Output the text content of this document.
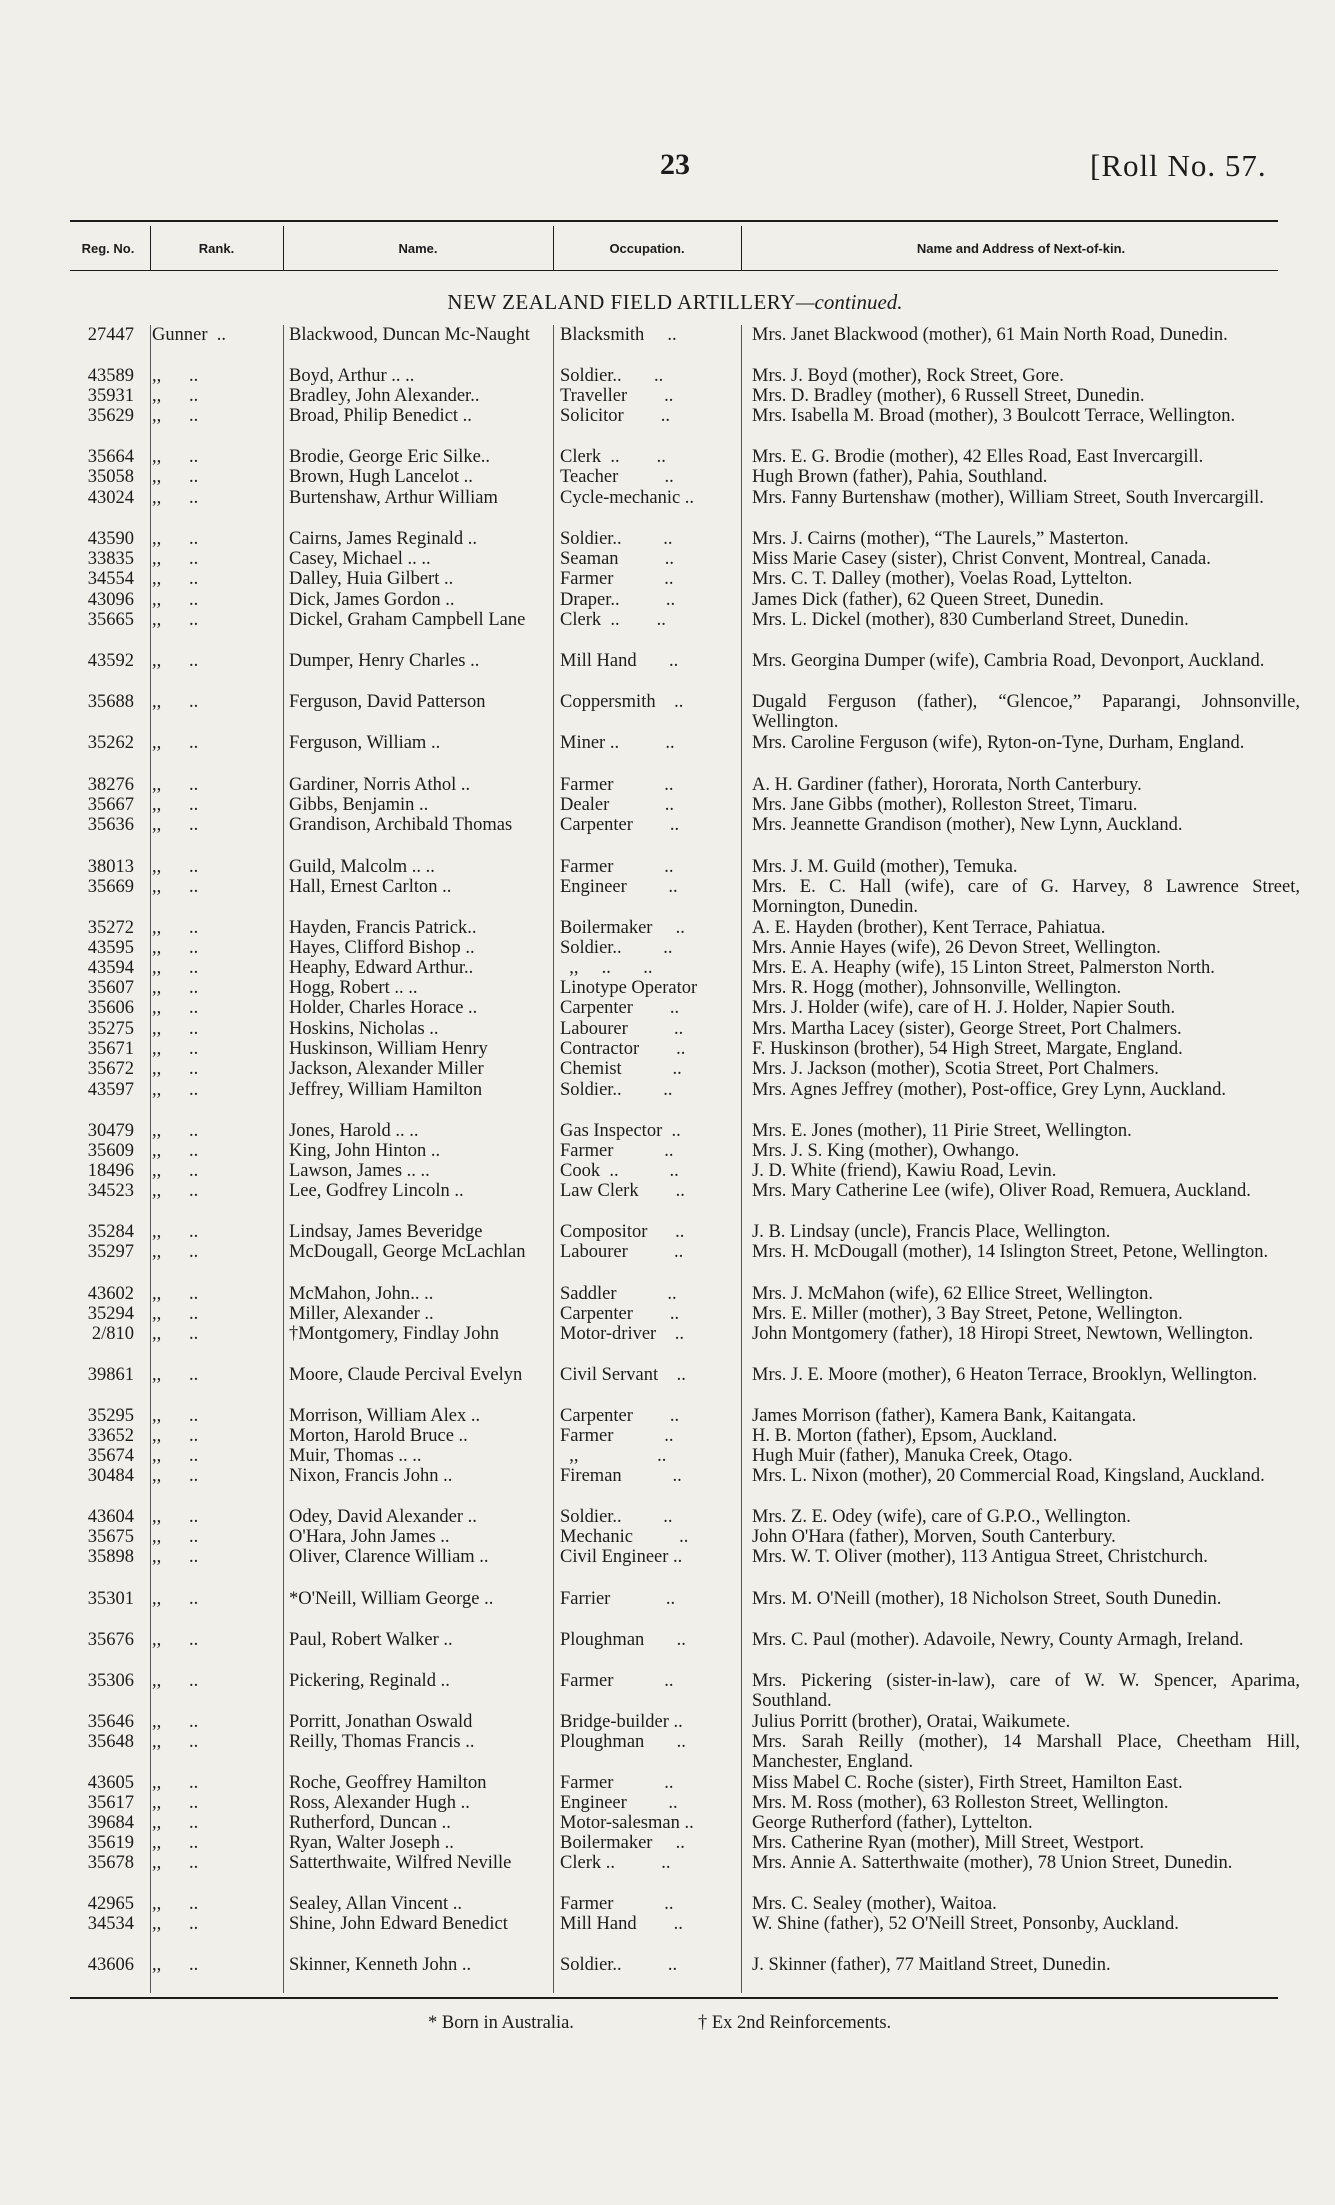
23	[Roll No. 57.
Reg. No.	Rank.	Name.	Occupation.	Name and Address of Next-of-kin.
NEW ZEALAND FIELD ARTILLERY—continued.
27447 Gunner  ..	Blackwood, Duncan Mc-Naught	Blacksmith     ..	Mrs. Janet Blackwood (mother), 61 Main North Road, Dunedin.
43589 ,,      ..	Boyd, Arthur .. ..	Soldier..       ..	Mrs. J. Boyd (mother), Rock Street, Gore.
35931 ,,      ..	Bradley, John Alexander..	Traveller        ..	Mrs. D. Bradley (mother), 6 Russell Street, Dunedin.
35629 ,,      ..	Broad, Philip Benedict ..	Solicitor        ..	Mrs. Isabella M. Broad (mother), 3 Boulcott Terrace, Wellington.
35664 ,,      ..	Brodie, George Eric Silke..	Clerk  ..        ..	Mrs. E. G. Brodie (mother), 42 Elles Road, East Invercargill.
35058 ,,      ..	Brown, Hugh Lancelot ..	Teacher          ..	Hugh Brown (father), Pahia, Southland.
43024 ,,      ..	Burtenshaw, Arthur William	Cycle-mechanic ..	Mrs. Fanny Burtenshaw (mother), William Street, South Invercargill.
43590 ,,      ..	Cairns, James Reginald ..	Soldier..         ..	Mrs. J. Cairns (mother), “The Laurels,” Masterton.
33835 ,,      ..	Casey, Michael .. ..	Seaman          ..	Miss Marie Casey (sister), Christ Convent, Montreal, Canada.
34554 ,,      ..	Dalley, Huia Gilbert ..	Farmer           ..	Mrs. C. T. Dalley (mother), Voelas Road, Lyttelton.
43096 ,,      ..	Dick, James Gordon ..	Draper..          ..	James Dick (father), 62 Queen Street, Dunedin.
35665 ,,      ..	Dickel, Graham Campbell Lane	Clerk  ..        ..	Mrs. L. Dickel (mother), 830 Cumberland Street, Dunedin.
43592 ,,      ..	Dumper, Henry Charles ..	Mill Hand       ..	Mrs. Georgina Dumper (wife), Cambria Road, Devonport, Auckland.
35688 ,,      ..	Ferguson, David Patterson	Coppersmith    ..	Dugald Ferguson (father), “Glencoe,” Paparangi, Johnsonville, Wellington.
35262 ,,      ..	Ferguson, William ..	Miner ..          ..	Mrs. Caroline Ferguson (wife), Ryton-on-Tyne, Durham, England.
38276 ,,      ..	Gardiner, Norris Athol ..	Farmer           ..	A. H. Gardiner (father), Hororata, North Canterbury.
35667 ,,      ..	Gibbs, Benjamin ..	Dealer            ..	Mrs. Jane Gibbs (mother), Rolleston Street, Timaru.
35636 ,,      ..	Grandison, Archibald Thomas	Carpenter        ..	Mrs. Jeannette Grandison (mother), New Lynn, Auckland.
38013 ,,      ..	Guild, Malcolm .. ..	Farmer           ..	Mrs. J. M. Guild (mother), Temuka.
35669 ,,      ..	Hall, Ernest Carlton ..	Engineer         ..	Mrs. E. C. Hall (wife), care of G. Harvey, 8 Lawrence Street, Mornington, Dunedin.
35272 ,,      ..	Hayden, Francis Patrick..	Boilermaker     ..	A. E. Hayden (brother), Kent Terrace, Pahiatua.
43595 ,,      ..	Hayes, Clifford Bishop ..	Soldier..         ..	Mrs. Annie Hayes (wife), 26 Devon Street, Wellington.
43594 ,,      ..	Heaphy, Edward Arthur..	,,     ..       ..	Mrs. E. A. Heaphy (wife), 15 Linton Street, Palmerston North.
35607 ,,      ..	Hogg, Robert .. ..	Linotype Operator	Mrs. R. Hogg (mother), Johnsonville, Wellington.
35606 ,,      ..	Holder, Charles Horace ..	Carpenter        ..	Mrs. J. Holder (wife), care of H. J. Holder, Napier South.
35275 ,,      ..	Hoskins, Nicholas ..	Labourer          ..	Mrs. Martha Lacey (sister), George Street, Port Chalmers.
35671 ,,      ..	Huskinson, William Henry	Contractor        ..	F. Huskinson (brother), 54 High Street, Margate, England.
35672 ,,      ..	Jackson, Alexander Miller	Chemist           ..	Mrs. J. Jackson (mother), Scotia Street, Port Chalmers.
43597 ,,      ..	Jeffrey, William Hamilton	Soldier..         ..	Mrs. Agnes Jeffrey (mother), Post-office, Grey Lynn, Auckland.
30479 ,,      ..	Jones, Harold .. ..	Gas Inspector  ..	Mrs. E. Jones (mother), 11 Pirie Street, Wellington.
35609 ,,      ..	King, John Hinton ..	Farmer           ..	Mrs. J. S. King (mother), Owhango.
18496 ,,      ..	Lawson, James .. ..	Cook  ..           ..	J. D. White (friend), Kawiu Road, Levin.
34523 ,,      ..	Lee, Godfrey Lincoln ..	Law Clerk        ..	Mrs. Mary Catherine Lee (wife), Oliver Road, Remuera, Auckland.
35284 ,,      ..	Lindsay, James Beveridge	Compositor      ..	J. B. Lindsay (uncle), Francis Place, Wellington.
35297 ,,      ..	McDougall, George McLachlan	Labourer          ..	Mrs. H. McDougall (mother), 14 Islington Street, Petone, Wellington.
43602 ,,      ..	McMahon, John.. ..	Saddler           ..	Mrs. J. McMahon (wife), 62 Ellice Street, Wellington.
35294 ,,      ..	Miller, Alexander ..	Carpenter        ..	Mrs. E. Miller (mother), 3 Bay Street, Petone, Wellington.
2/810 ,,      ..	†Montgomery, Findlay John	Motor-driver    ..	John Montgomery (father), 18 Hiropi Street, Newtown, Wellington.
39861 ,,      ..	Moore, Claude Percival Evelyn	Civil Servant    ..	Mrs. J. E. Moore (mother), 6 Heaton Terrace, Brooklyn, Wellington.
35295 ,,      ..	Morrison, William Alex ..	Carpenter        ..	James Morrison (father), Kamera Bank, Kaitangata.
33652 ,,      ..	Morton, Harold Bruce ..	Farmer           ..	H. B. Morton (father), Epsom, Auckland.
35674 ,,      ..	Muir, Thomas .. ..	,,                 ..	Hugh Muir (father), Manuka Creek, Otago.
30484 ,,      ..	Nixon, Francis John ..	Fireman           ..	Mrs. L. Nixon (mother), 20 Commercial Road, Kingsland, Auckland.
43604 ,,      ..	Odey, David Alexander ..	Soldier..         ..	Mrs. Z. E. Odey (wife), care of G.P.O., Wellington.
35675 ,,      ..	O'Hara, John James ..	Mechanic          ..	John O'Hara (father), Morven, South Canterbury.
35898 ,,      ..	Oliver, Clarence William ..	Civil Engineer ..	Mrs. W. T. Oliver (mother), 113 Antigua Street, Christchurch.
35301 ,,      ..	*O'Neill, William George ..	Farrier            ..	Mrs. M. O'Neill (mother), 18 Nicholson Street, South Dunedin.
35676 ,,      ..	Paul, Robert Walker ..	Ploughman       ..	Mrs. C. Paul (mother). Adavoile, Newry, County Armagh, Ireland.
35306 ,,      ..	Pickering, Reginald ..	Farmer           ..	Mrs. Pickering (sister-in-law), care of W. W. Spencer, Aparima, Southland.
35646 ,,      ..	Porritt, Jonathan Oswald	Bridge-builder ..	Julius Porritt (brother), Oratai, Waikumete.
35648 ,,      ..	Reilly, Thomas Francis ..	Ploughman       ..	Mrs. Sarah Reilly (mother), 14 Marshall Place, Cheetham Hill, Manchester, England.
43605 ,,      ..	Roche, Geoffrey Hamilton	Farmer           ..	Miss Mabel C. Roche (sister), Firth Street, Hamilton East.
35617 ,,      ..	Ross, Alexander Hugh ..	Engineer         ..	Mrs. M. Ross (mother), 63 Rolleston Street, Wellington.
39684 ,,      ..	Rutherford, Duncan ..	Motor-salesman ..	George Rutherford (father), Lyttelton.
35619 ,,      ..	Ryan, Walter Joseph ..	Boilermaker     ..	Mrs. Catherine Ryan (mother), Mill Street, Westport.
35678 ,,      ..	Satterthwaite, Wilfred Neville	Clerk ..          ..	Mrs. Annie A. Satterthwaite (mother), 78 Union Street, Dunedin.
42965 ,,      ..	Sealey, Allan Vincent ..	Farmer           ..	Mrs. C. Sealey (mother), Waitoa.
34534 ,,      ..	Shine, John Edward Benedict	Mill Hand        ..	W. Shine (father), 52 O'Neill Street, Ponsonby, Auckland.
43606 ,,      ..	Skinner, Kenneth John ..	Soldier..          ..	J. Skinner (father), 77 Maitland Street, Dunedin.
* Born in Australia.	† Ex 2nd Reinforcements.
